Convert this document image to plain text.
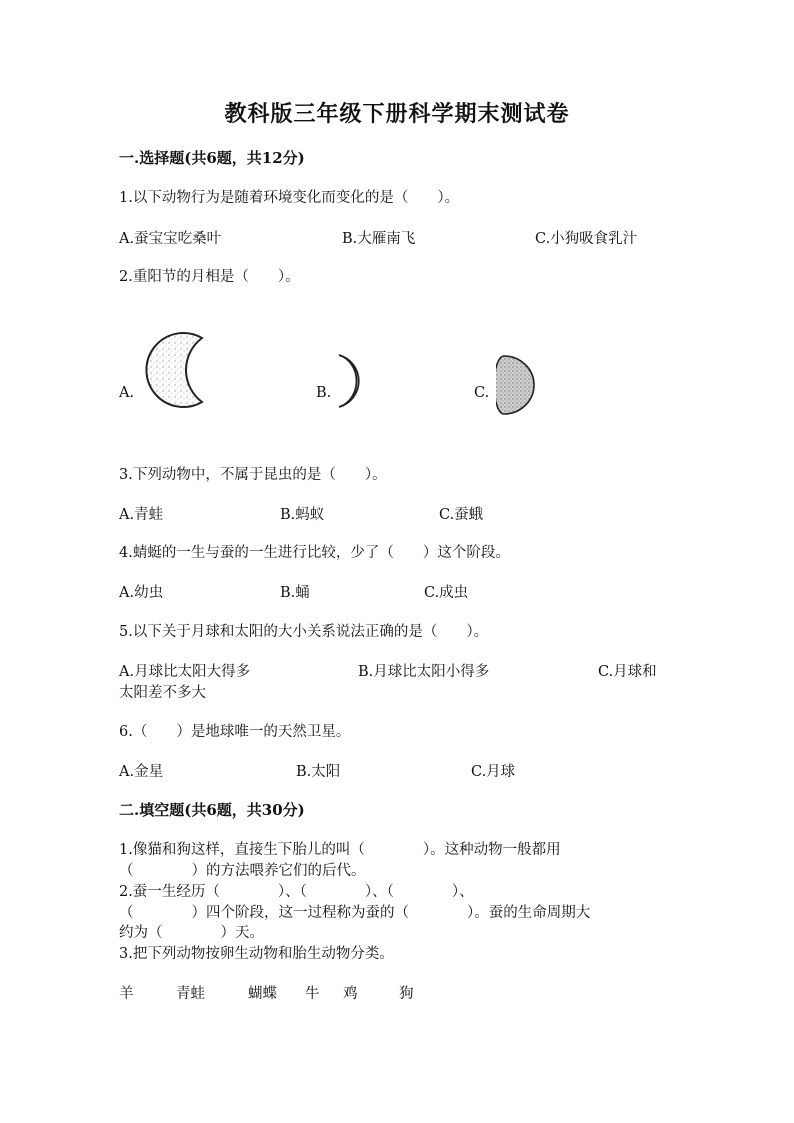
教科版三年级下册科学期末测试卷
一.选择题(共6题，共12分)
1.以下动物行为是随着环境变化而变化的是（　　）。
A.蚕宝宝吃桑叶	B.大雁南飞	C.小狗吸食乳汁
2.重阳节的月相是（　　）。
A.	B.	C.
3.下列动物中，不属于昆虫的是（　　）。
A.青蛙	B.蚂蚁	C.蚕蛾
4.蜻蜓的一生与蚕的一生进行比较，少了（　　）这个阶段。
A.幼虫	B.蛹	C.成虫
5.以下关于月球和太阳的大小关系说法正确的是（　　）。
A.月球比太阳大得多	B.月球比太阳小得多	C.月球和
太阳差不多大
6.（　　）是地球唯一的天然卫星。
A.金星	B.太阳	C.月球
二.填空题(共6题，共30分)
1.像猫和狗这样，直接生下胎儿的叫（　　　　）。这种动物一般都用
（　　　　）的方法喂养它们的后代。
2.蚕一生经历（　　　　）、（　　　　）、（　　　　）、
（　　　　）四个阶段，这一过程称为蚕的（　　　　）。蚕的生命周期大
约为（　　　　）天。
3.把下列动物按卵生动物和胎生动物分类。
羊	青蛙	蝴蝶 牛 鸡	狗
